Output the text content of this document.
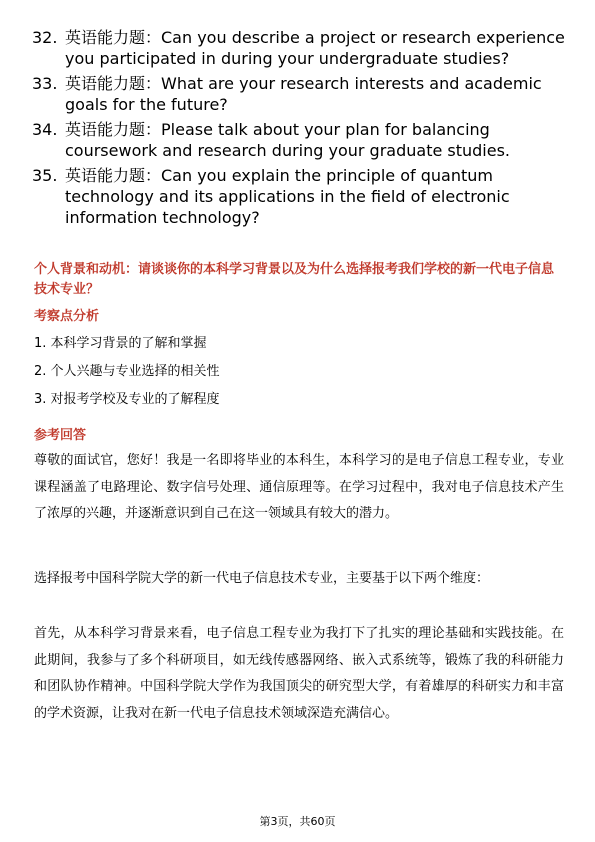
32. 英语能力题：Can you describe a project or research experience you participated in during your undergraduate studies?
33. 英语能力题：What are your research interests and academic goals for the future?
34. 英语能力题：Please talk about your plan for balancing coursework and research during your graduate studies.
35. 英语能力题：Can you explain the principle of quantum technology and its applications in the field of electronic information technology?
个人背景和动机：请谈谈你的本科学习背景以及为什么选择报考我们学校的新一代电子信息技术专业？
考察点分析
1. 本科学习背景的了解和掌握
2. 个人兴趣与专业选择的相关性
3. 对报考学校及专业的了解程度
参考回答
尊敬的面试官，您好！我是一名即将毕业的本科生，本科学习的是电子信息工程专业，专业课程涵盖了电路理论、数字信号处理、通信原理等。在学习过程中，我对电子信息技术产生了浓厚的兴趣，并逐渐意识到自己在这一领域具有较大的潜力。
选择报考中国科学院大学的新一代电子信息技术专业，主要基于以下两个维度：
首先，从本科学习背景来看，电子信息工程专业为我打下了扎实的理论基础和实践技能。在此期间，我参与了多个科研项目，如无线传感器网络、嵌入式系统等，锻炼了我的科研能力和团队协作精神。中国科学院大学作为我国顶尖的研究型大学，有着雄厚的科研实力和丰富的学术资源，让我对在新一代电子信息技术领域深造充满信心。
第3页，共60页
